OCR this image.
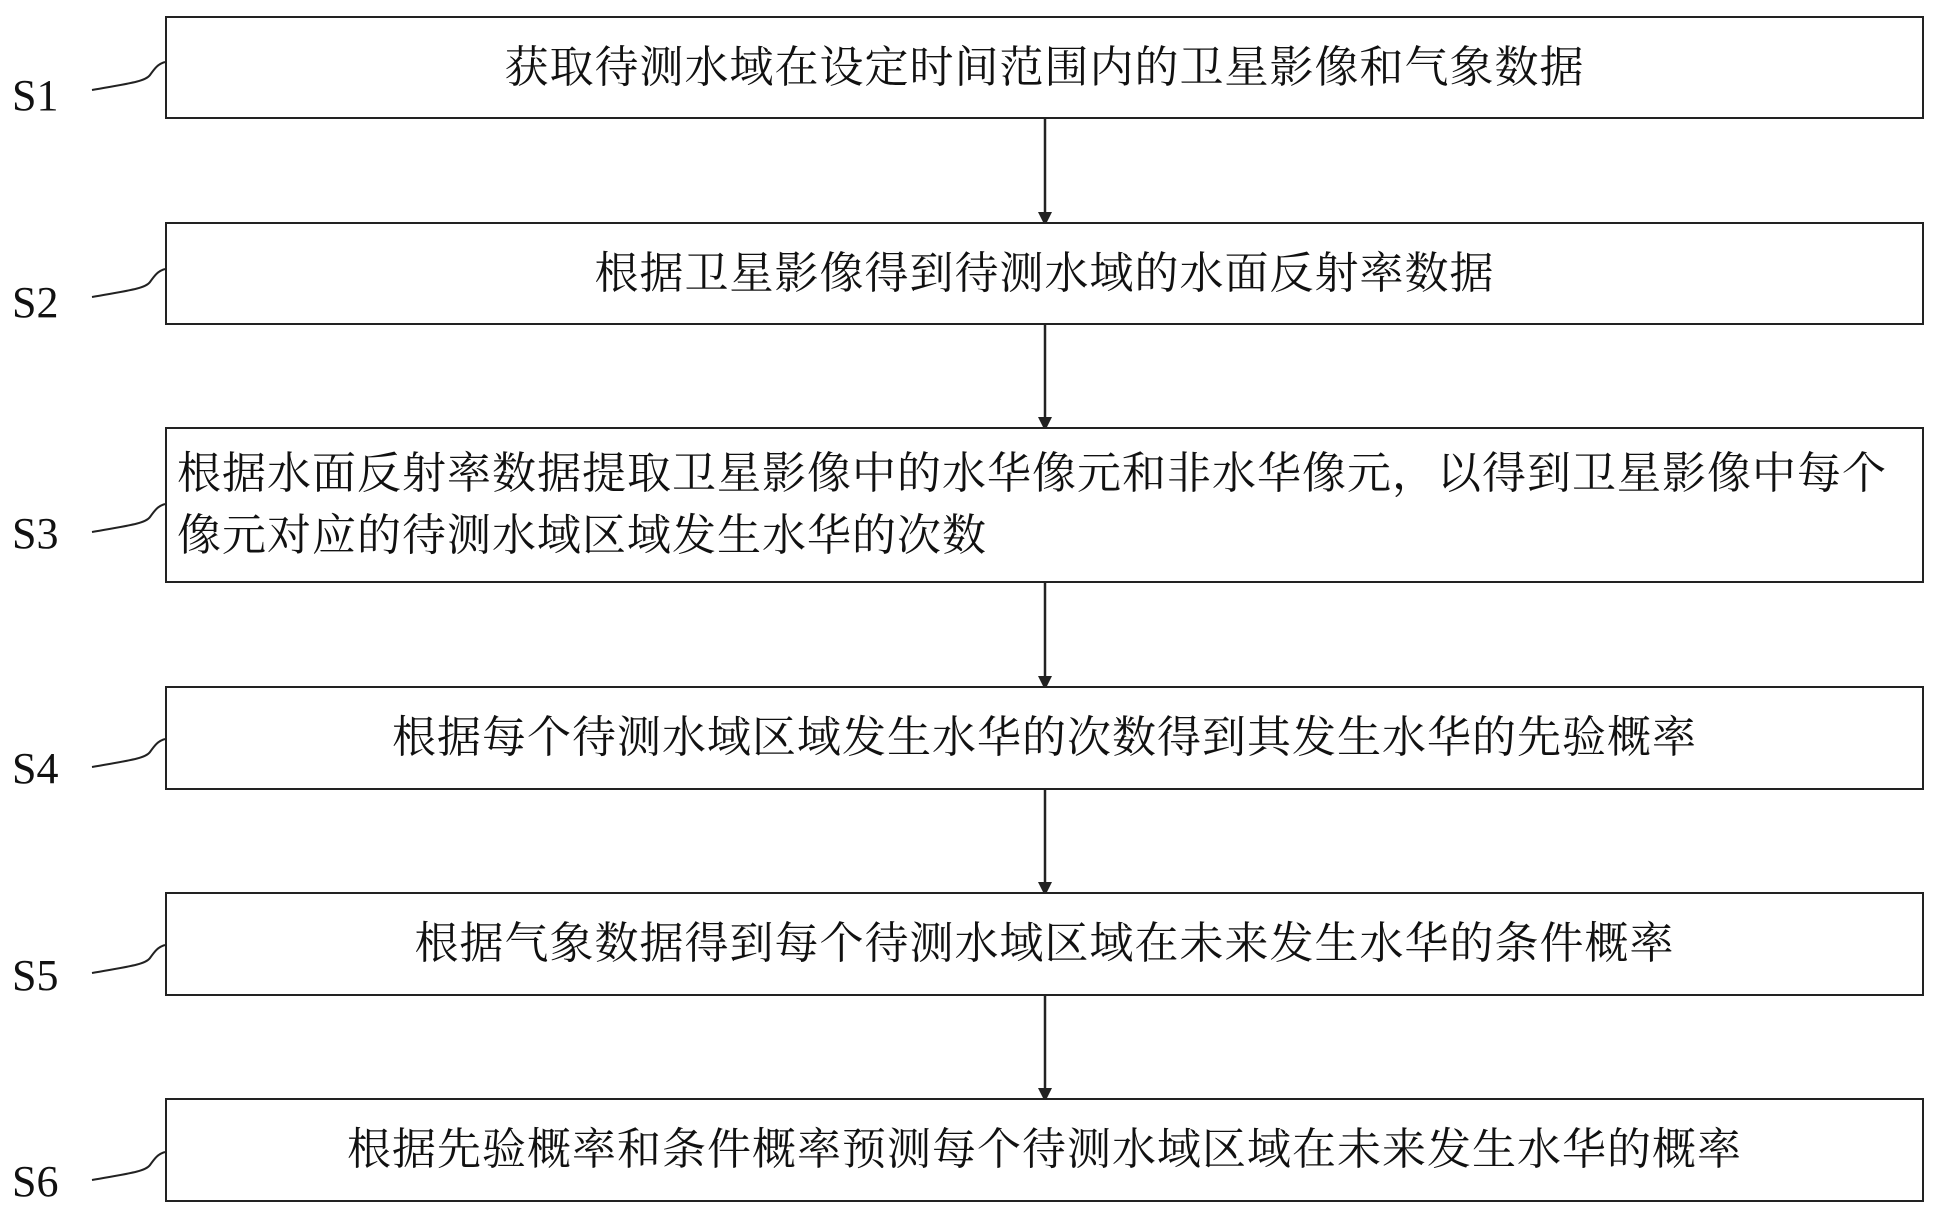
S1
S2
S3
S4
S5
S6
获取待测水域在设定时间范围内的卫星影像和气象数据
根据卫星影像得到待测水域的水面反射率数据
根据水面反射率数据提取卫星影像中的水华像元和非水华像元，以得到卫星影像中每个像元对应的待测水域区域发生水华的次数
根据每个待测水域区域发生水华的次数得到其发生水华的先验概率
根据气象数据得到每个待测水域区域在未来发生水华的条件概率
根据先验概率和条件概率预测每个待测水域区域在未来发生水华的概率
